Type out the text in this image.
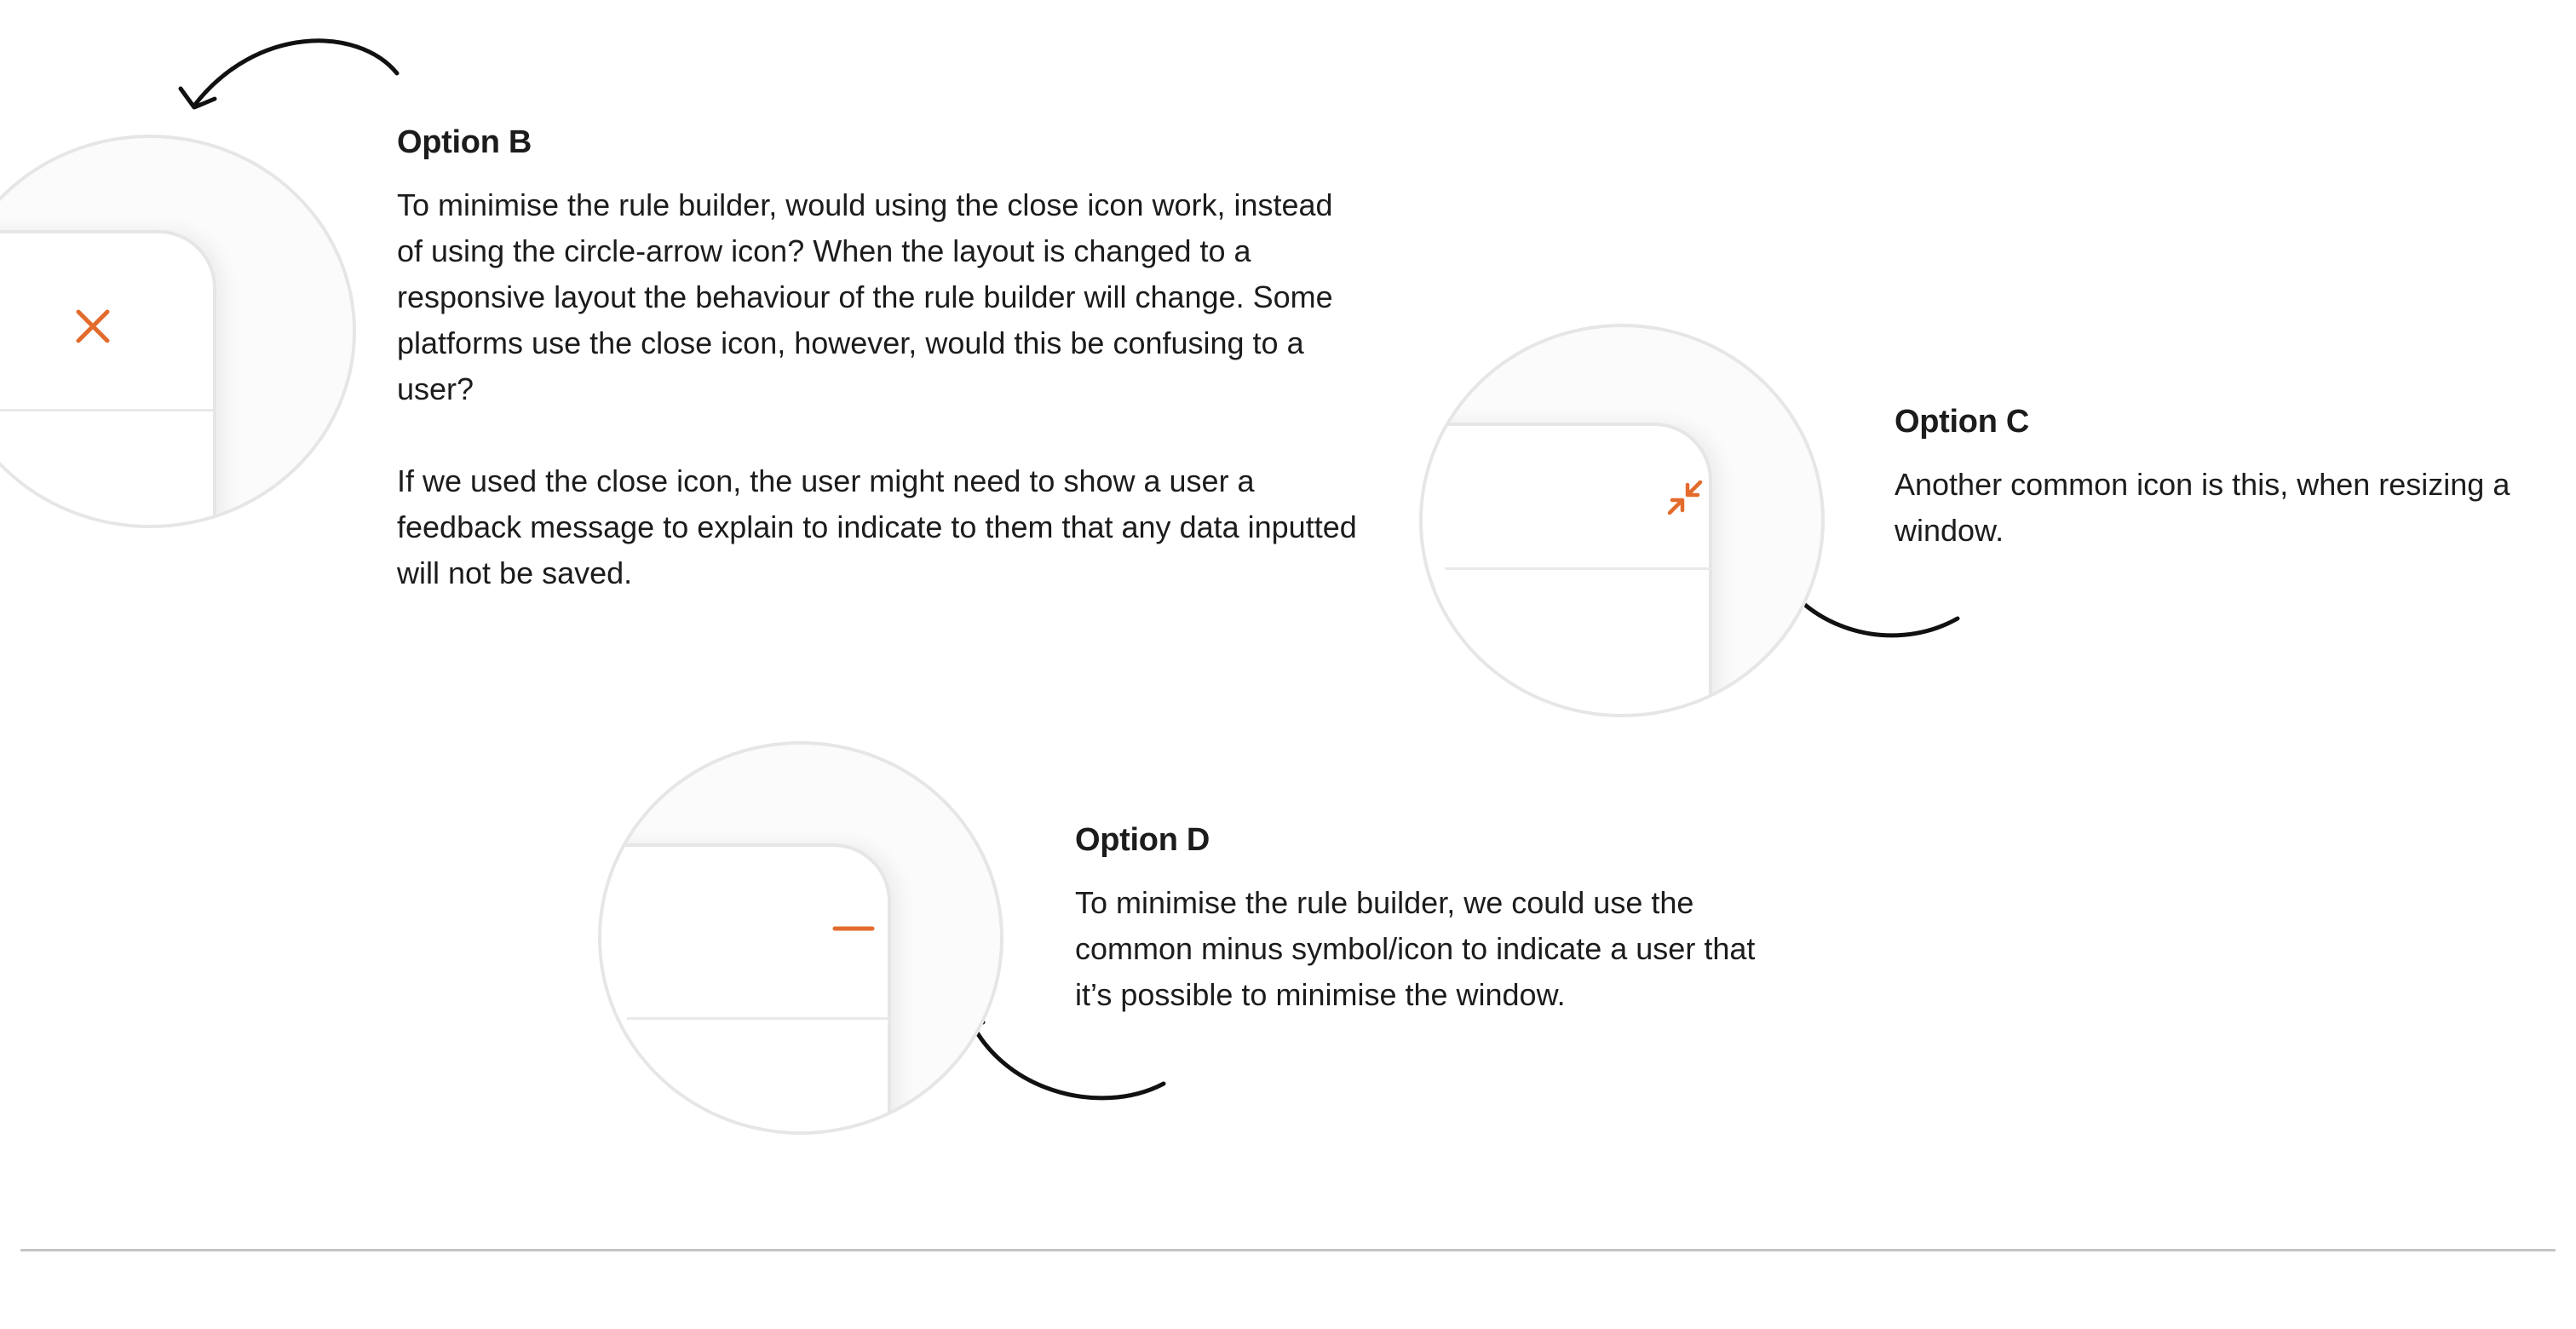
Option B

To minimise the rule builder, would using the close icon work, instead of using the circle-arrow icon? When the layout is changed to a responsive layout the behaviour of the rule builder will change. Some platforms use the close icon, however, would this be confusing to a user?

If we used the close icon, the user might need to show a user a feedback message to explain to indicate to them that any data inputted will not be saved.

Option C

Another common icon is this, when resizing a window.

Option D

To minimise the rule builder, we could use the common minus symbol/icon to indicate a user that it’s possible to minimise the window.
